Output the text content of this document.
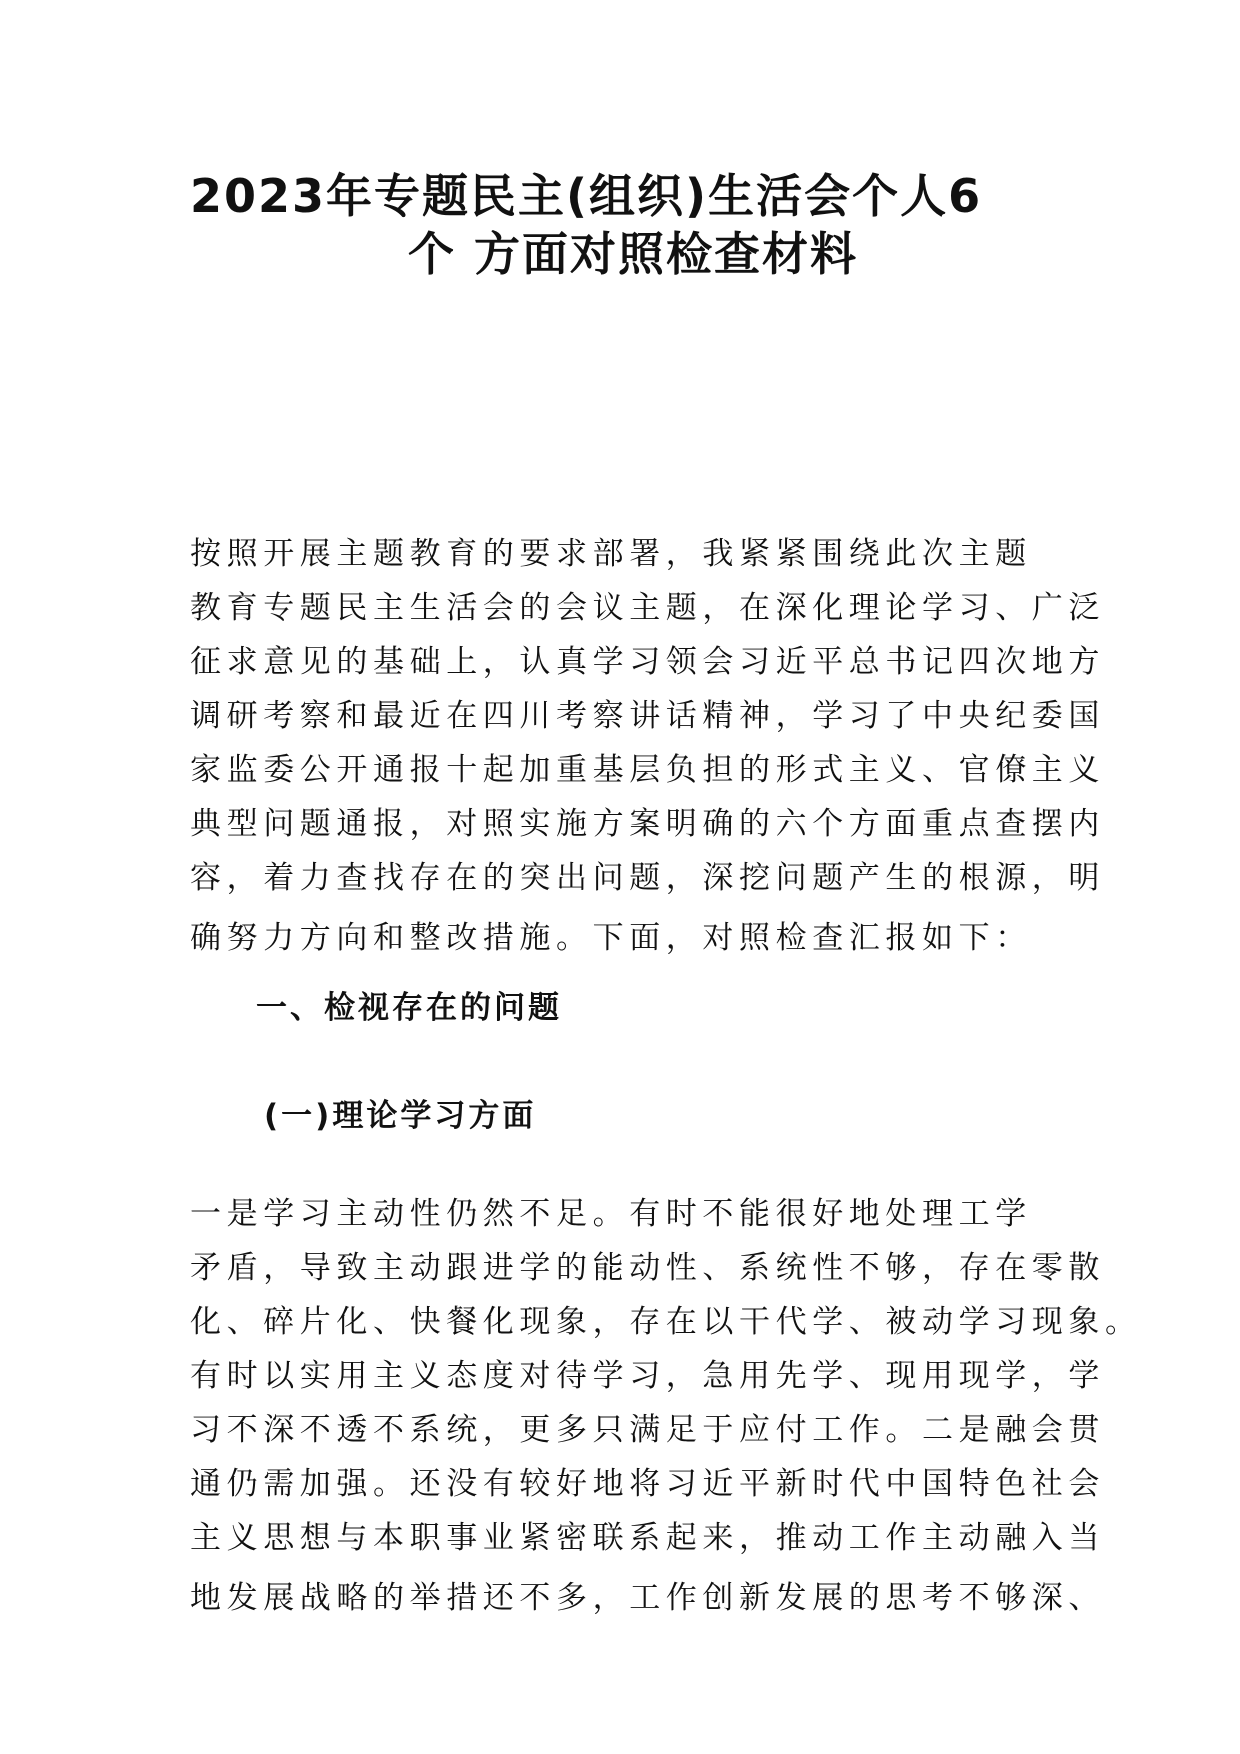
2023年专题民主(组织)生活会个人6
个 方面对照检查材料
按照开展主题教育的要求部署，我紧紧围绕此次主题
教育专题民主生活会的会议主题，在深化理论学习、广泛
征求意见的基础上，认真学习领会习近平总书记四次地方
调研考察和最近在四川考察讲话精神，学习了中央纪委国
家监委公开通报十起加重基层负担的形式主义、官僚主义
典型问题通报，对照实施方案明确的六个方面重点查摆内
容，着力查找存在的突出问题，深挖问题产生的根源，明
确努力方向和整改措施。下面，对照检查汇报如下：
一、检视存在的问题
(一)理论学习方面
一是学习主动性仍然不足。有时不能很好地处理工学
矛盾，导致主动跟进学的能动性、系统性不够，存在零散
化、碎片化、快餐化现象，存在以干代学、被动学习现象。
有时以实用主义态度对待学习，急用先学、现用现学，学
习不深不透不系统，更多只满足于应付工作。二是融会贯
通仍需加强。还没有较好地将习近平新时代中国特色社会
主义思想与本职事业紧密联系起来，推动工作主动融入当
地发展战略的举措还不多，工作创新发展的思考不够深、
